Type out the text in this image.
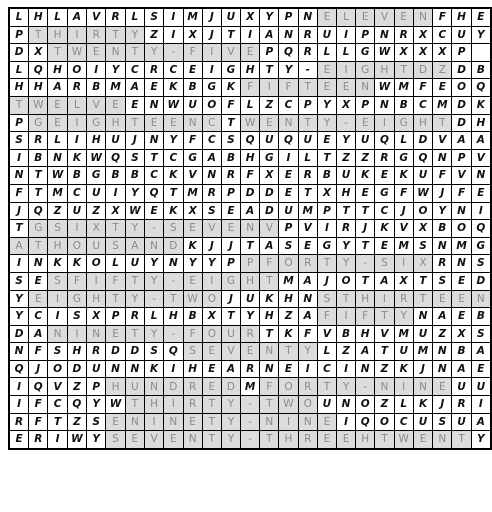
L	H	L	A	V	R	L	S	I	M	J	U	X	Y	P	N	E	L	E	V	E	N	F	H	E
P	T	H	I	R	T	Y	Z	I	X	J	T	I	A	N	R	U	I	P	N	R	X	C	U	Y
D	X	T	W	E	N	T	Y	-	F	I	V	E	P	Q	R	L	L	G	W	X	X	X	P	
L	Q	H	O	I	Y	C	R	C	E	I	G	H	T	Y	-	E	I	G	H	T	D	Z	D	B
H	H	A	R	B	M	A	E	K	B	G	K	F	I	F	T	E	E	N	W	M	F	E	O	Q
T	W	E	L	V	E	E	N	W	U	O	F	L	Z	C	P	Y	X	P	N	B	C	M	D	K
P	G	E	I	G	H	T	E	E	N	C	T	W	E	N	T	Y	-	E	I	G	H	T	D	H
S	R	L	I	H	U	J	N	Y	F	C	S	Q	U	Q	U	E	Y	U	Q	L	D	V	A	A
I	B	N	K	W	Q	S	T	C	G	A	B	H	G	I	L	T	Z	Z	R	G	Q	N	P	V
N	T	W	B	G	B	B	C	K	V	N	R	F	X	E	R	B	U	K	E	K	U	F	V	N
F	T	M	C	U	I	Y	Q	T	M	R	P	D	D	E	T	X	H	E	G	F	W	J	F	E
J	Q	Z	U	Z	X	W	E	K	X	S	E	A	D	U	M	P	T	T	C	J	O	Y	N	I
T	G	S	I	X	T	Y	-	S	E	V	E	N	V	P	V	I	R	J	K	V	X	B	O	Q
A	T	H	O	U	S	A	N	D	K	J	J	T	A	S	E	G	Y	T	E	M	S	N	M	G
I	N	K	K	O	L	U	Y	N	Y	Y	P	P	F	O	R	T	Y	-	S	I	X	R	N	S
S	E	S	F	I	F	T	Y	-	E	I	G	H	T	M	A	J	O	T	A	X	T	S	E	D
Y	E	I	G	H	T	Y	-	T	W	O	J	U	K	H	N	S	T	H	I	R	T	E	E	N
Y	C	I	S	X	P	R	L	H	B	X	T	Y	H	Z	A	F	I	F	T	Y	N	A	E	B
D	A	N	I	N	E	T	Y	-	F	O	U	R	T	K	F	V	B	H	V	M	U	Z	X	S
N	F	S	H	R	D	D	S	Q	S	E	V	E	N	T	Y	L	Z	A	T	U	M	N	B	A
Q	J	O	D	U	N	N	K	I	H	E	A	R	N	E	I	C	I	N	Z	K	J	N	A	E
I	Q	V	Z	P	H	U	N	D	R	E	D	M	F	O	R	T	Y	-	N	I	N	E	U	U
I	F	C	Q	Y	W	T	H	I	R	T	Y	-	T	W	O	U	N	O	Z	L	K	J	R	I
R	F	T	Z	S	E	N	I	N	E	T	Y	-	N	I	N	E	I	Q	O	C	U	S	U	A
E	R	I	W	Y	S	E	V	E	N	T	Y	-	T	H	R	E	E	H	T	W	E	N	T	Y
